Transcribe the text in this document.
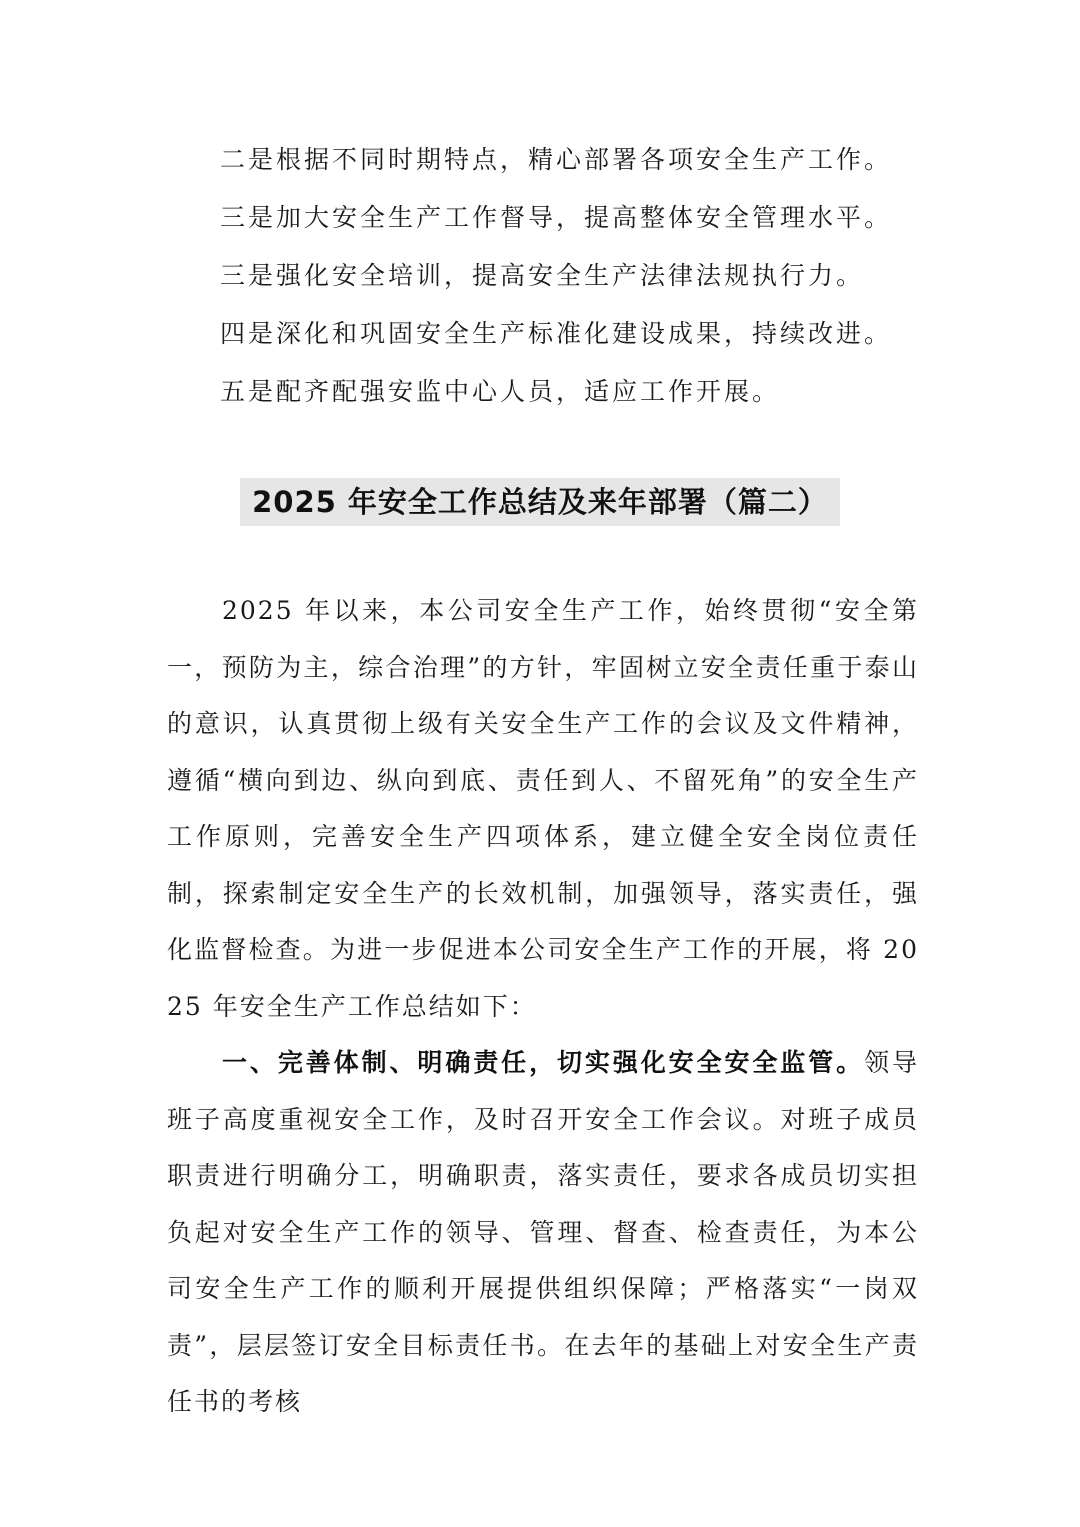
二是根据不同时期特点，精心部署各项安全生产工作。
三是加大安全生产工作督导，提高整体安全管理水平。
三是强化安全培训，提高安全生产法律法规执行力。
四是深化和巩固安全生产标准化建设成果，持续改进。
五是配齐配强安监中心人员，适应工作开展。
2025 年安全工作总结及来年部署（篇二）

2025 年以来，本公司安全生产工作，始终贯彻“安全第一，预防为主，综合治理”的方针，牢固树立安全责任重于泰山的意识，认真贯彻上级有关安全生产工作的会议及文件精神，遵循“横向到边、纵向到底、责任到人、不留死角”的安全生产工作原则，完善安全生产四项体系，建立健全安全岗位责任制，探索制定安全生产的长效机制，加强领导，落实责任，强化监督检查。为进一步促进本公司安全生产工作的开展，将 2025 年安全生产工作总结如下：

一、完善体制、明确责任，切实强化安全安全监管。领导班子高度重视安全工作，及时召开安全工作会议。对班子成员职责进行明确分工，明确职责，落实责任，要求各成员切实担负起对安全生产工作的领导、管理、督查、检查责任，为本公司安全生产工作的顺利开展提供组织保障；严格落实“一岗双责”，层层签订安全目标责任书。在去年的基础上对安全生产责任书的考核
